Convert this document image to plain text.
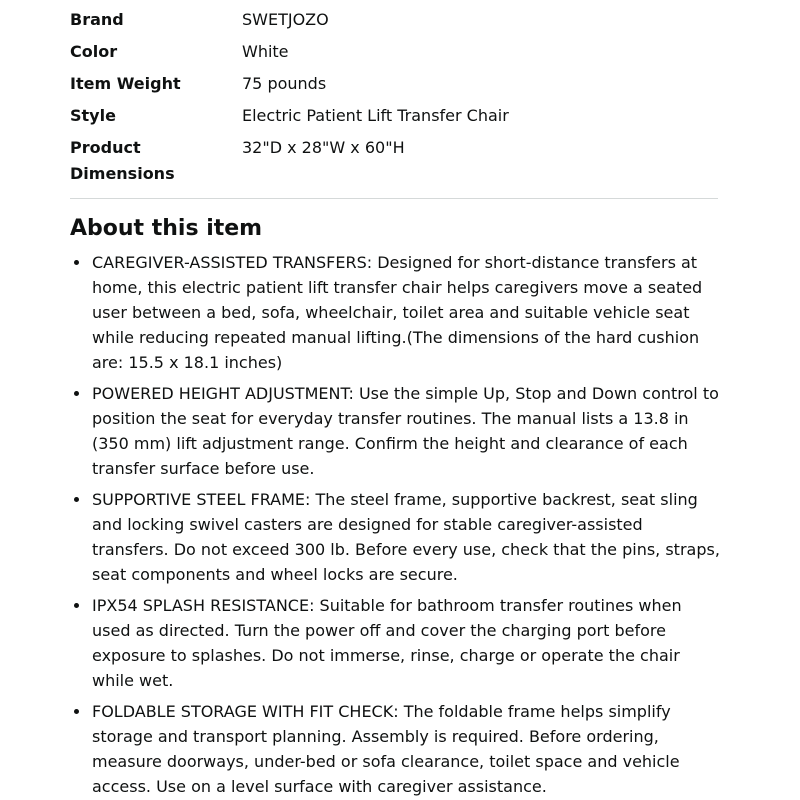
Brand	SWETJOZO
Color	White
Item Weight	75 pounds
Style	Electric Patient Lift Transfer Chair
Product Dimensions	32"D x 28"W x 60"H
About this item
CAREGIVER-ASSISTED TRANSFERS: Designed for short-distance transfers at home, this electric patient lift transfer chair helps caregivers move a seated user between a bed, sofa, wheelchair, toilet area and suitable vehicle seat while reducing repeated manual lifting.(The dimensions of the hard cushion are: 15.5 x 18.1 inches)
POWERED HEIGHT ADJUSTMENT: Use the simple Up, Stop and Down control to position the seat for everyday transfer routines. The manual lists a 13.8 in (350 mm) lift adjustment range. Confirm the height and clearance of each transfer surface before use.
SUPPORTIVE STEEL FRAME: The steel frame, supportive backrest, seat sling and locking swivel casters are designed for stable caregiver-assisted transfers. Do not exceed 300 lb. Before every use, check that the pins, straps, seat components and wheel locks are secure.
IPX54 SPLASH RESISTANCE: Suitable for bathroom transfer routines when used as directed. Turn the power off and cover the charging port before exposure to splashes. Do not immerse, rinse, charge or operate the chair while wet.
FOLDABLE STORAGE WITH FIT CHECK: The foldable frame helps simplify storage and transport planning. Assembly is required. Before ordering, measure doorways, under-bed or sofa clearance, toilet space and vehicle access. Use on a level surface with caregiver assistance.
